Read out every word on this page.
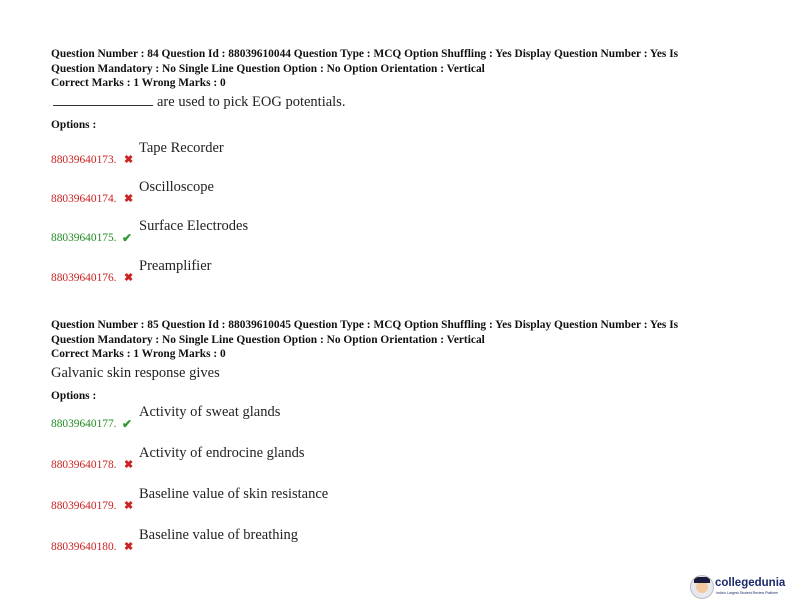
Question Number : 84 Question Id : 88039610044 Question Type : MCQ Option Shuffling : Yes Display Question Number : Yes Is
Question Mandatory : No Single Line Question Option : No Option Orientation : Vertical
Correct Marks : 1 Wrong Marks : 0
are used to pick EOG potentials.
Options :
88039640173. ✖
Tape Recorder
88039640174. ✖
Oscilloscope
88039640175. ✔
Surface Electrodes
88039640176. ✖
Preamplifier
Question Number : 85 Question Id : 88039610045 Question Type : MCQ Option Shuffling : Yes Display Question Number : Yes Is
Question Mandatory : No Single Line Question Option : No Option Orientation : Vertical
Correct Marks : 1 Wrong Marks : 0
Galvanic skin response gives
Options :
88039640177. ✔
Activity of sweat glands
88039640178. ✖
Activity of endrocine glands
88039640179. ✖
Baseline value of skin resistance
88039640180. ✖
Baseline value of breathing
collegedunia
India's Largest Student Review Platform
